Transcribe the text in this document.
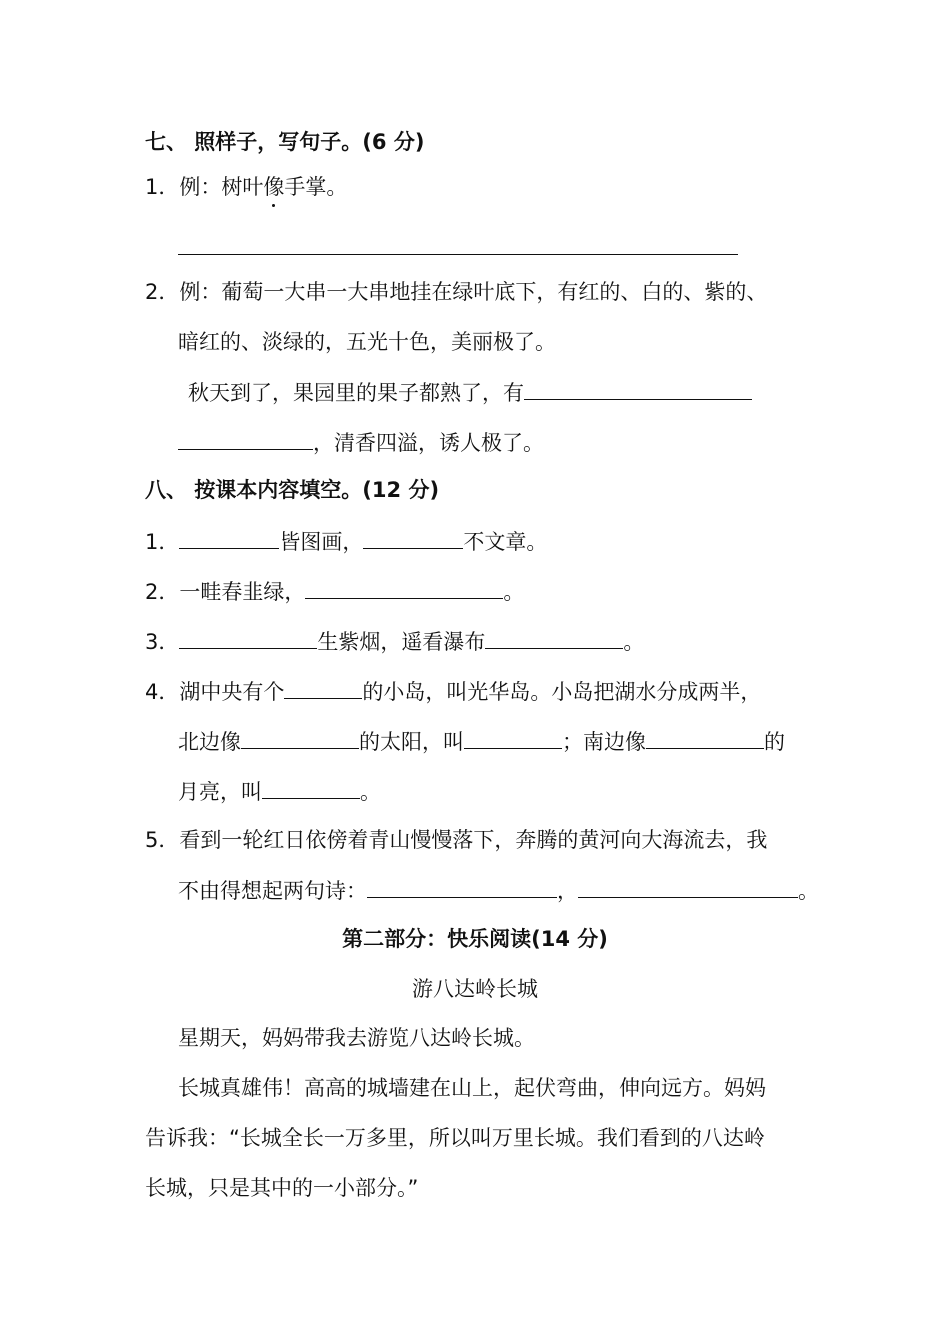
七、 照样子，写句子。(6 分)
1．例：树叶像
手掌。
2．例：葡萄一大串一大串地挂在绿叶底下，有红的、白的、紫的、
暗红的、淡绿的，五光十色，美丽极了。
秋天到了，果园里的果子都熟了，有
，清香四溢，诱人极了。
八、 按课本内容填空。(12 分)
1．	皆图画，	不文章。
2．一畦春韭绿，	。
3．	生紫烟，遥看瀑布	。
4．湖中央有个	的小岛，叫光华岛。小岛把湖水分成两半，
北边像	的太阳，叫	；南边像	的
月亮，叫	。
5．看到一轮红日依傍着青山慢慢落下，奔腾的黄河向大海流去，我
不由得想起两句诗：	，	。
第二部分：快乐阅读(14 分)
游八达岭长城
星期天，妈妈带我去游览八达岭长城。
长城真雄伟！高高的城墙建在山上，起伏弯曲，伸向远方。妈妈
告诉我：“长城全长一万多里，所以叫万里长城。我们看到的八达岭
长城，只是其中的一小部分。”
